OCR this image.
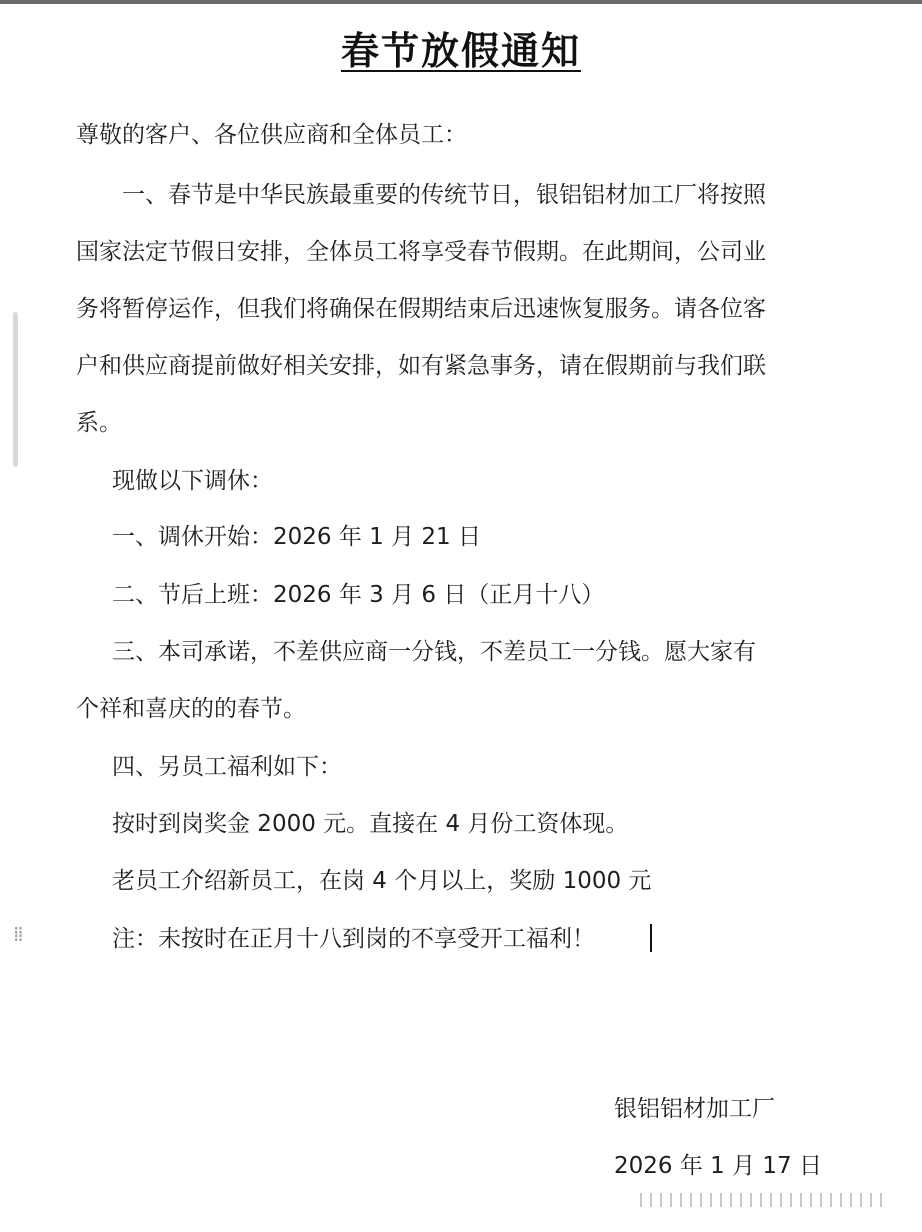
⁞⁞
春节放假通知
尊敬的客户、各位供应商和全体员工：
一、春节是中华民族最重要的传统节日，银铝铝材加工厂将按照
国家法定节假日安排，全体员工将享受春节假期。在此期间，公司业
务将暂停运作，但我们将确保在假期结束后迅速恢复服务。请各位客
户和供应商提前做好相关安排，如有紧急事务，请在假期前与我们联
系。
现做以下调休：
一、调休开始：2026 年 1 月 21 日
二、节后上班：2026 年 3 月 6 日（正月十八）
三、本司承诺，不差供应商一分钱，不差员工一分钱。愿大家有
个祥和喜庆的的春节。
四、另员工福利如下：
按时到岗奖金 2000 元。直接在 4 月份工资体现。
老员工介绍新员工，在岗 4 个月以上，奖励 1000 元
注：未按时在正月十八到岗的不享受开工福利！
银铝铝材加工厂
2026 年 1 月 17 日
